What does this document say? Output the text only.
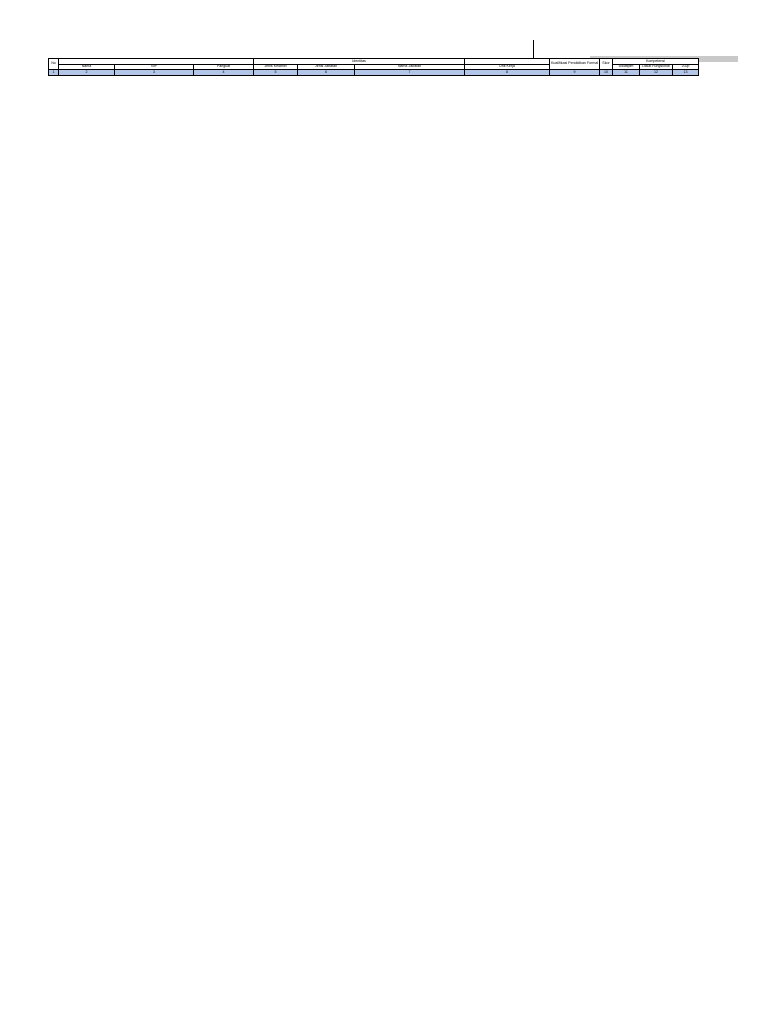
No				Identitas				Kualifikasi Pendidikan Formal	Skor	Kompetensi			
	Nama	NIP	Pangkat	Jenis Kelamin	Jenis Jabatan	Nama Jabatan	Unit Kerja			Diklatpim	Diklat Fungsional	20Jp	
1	2	3	4	5	6	7	8	9	10	11	12	13	
